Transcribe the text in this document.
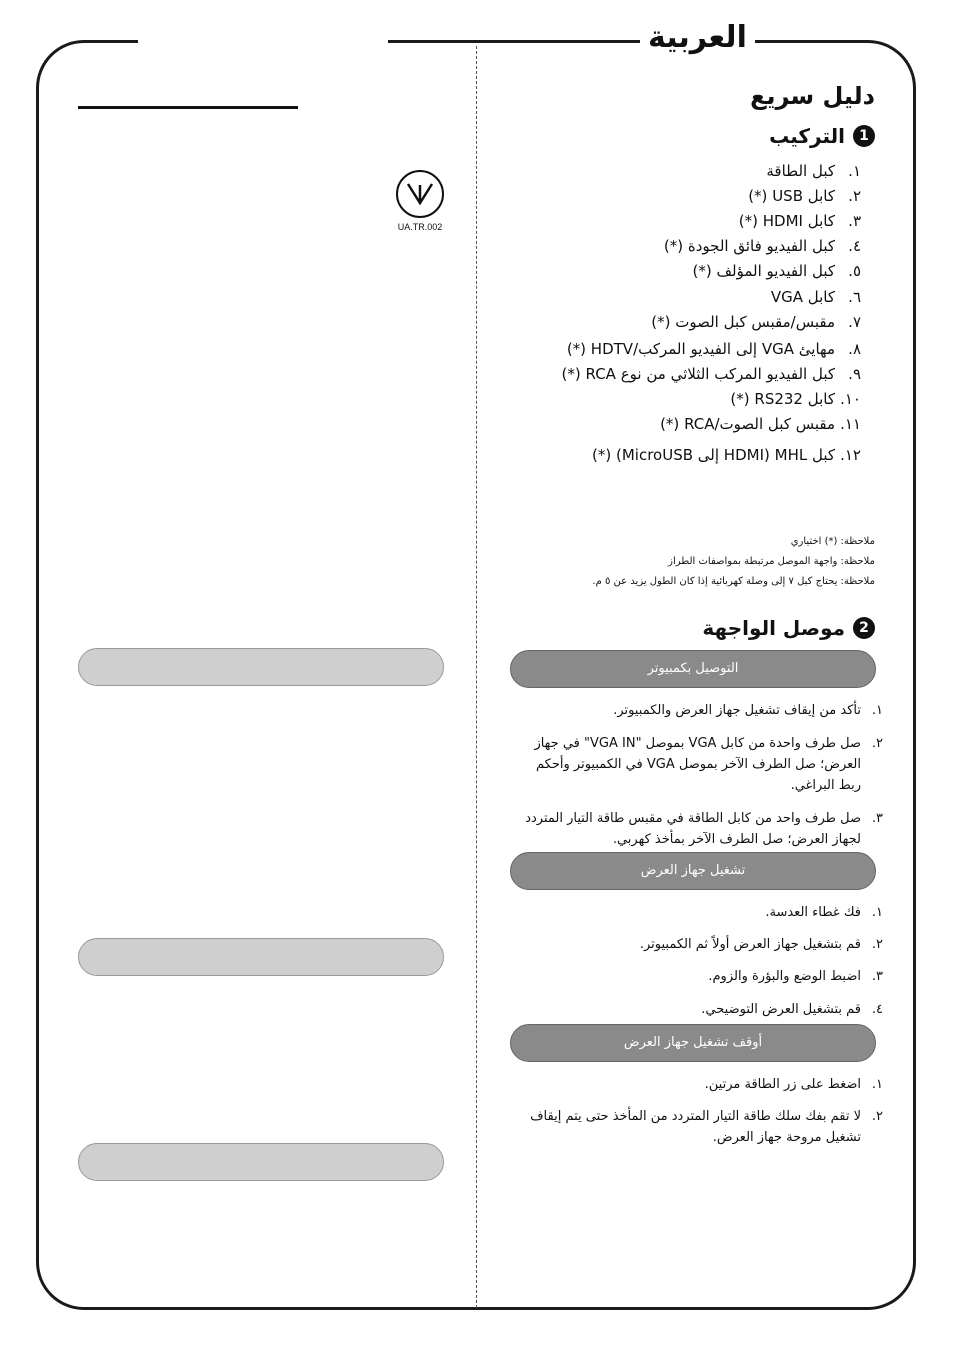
العربية
UA.TR.002
دليل سريع
1
التركيب
١.كبل الطاقة
٢.كابل USB (*)
٣.كابل HDMI (*)
٤.كبل الفيديو فائق الجودة (*)
٥.كبل الفيديو المؤلف (*)
٦.كابل VGA
٧.مقبس/مقبس كبل الصوت (*)
٨.مهايئ VGA إلى الفيديو المركب/HDTV (*)
٩.كبل الفيديو المركب الثلاثي من نوع RCA (*)
١٠.كابل RS232 (*)
١١.مقبس كبل الصوت/RCA (*)
١٢.كبل MHL (HDMI إلى MicroUSB) (*)
ملاحظة: (*) اختياري
ملاحظة: واجهة الموصل مرتبطة بمواصفات الطراز
ملاحظة: يحتاج كبل ٧ إلى وصلة كهربائية إذا كان الطول يزيد عن ٥ م.
2
موصل الواجهة
التوصيل بكمبيوتر
١.
تأكد من إيقاف تشغيل جهاز العرض والكمبيوتر.
٢.
صل طرف واحدة من كابل VGA بموصل "VGA IN" في جهاز العرض؛ صل الطرف الآخر بموصل VGA في الكمبيوتر وأحكم ربط البراغي.
٣.
صل طرف واحد من كابل الطاقة في مقبس طاقة التيار المتردد لجهاز العرض؛ صل الطرف الآخر بمأخذ كهربي.
تشغيل جهاز العرض
١.
فك غطاء العدسة.
٢.
قم بتشغيل جهاز العرض أولاً ثم الكمبيوتر.
٣.
اضبط الوضع والبؤرة والزوم.
٤.
قم بتشغيل العرض التوضيحي.
أوقف تشغيل جهاز العرض
١.
اضغط على زر الطاقة مرتين.
٢.
لا تقم بفك سلك طاقة التيار المتردد من المأخذ حتى يتم إيقاف تشغيل مروحة جهاز العرض.
